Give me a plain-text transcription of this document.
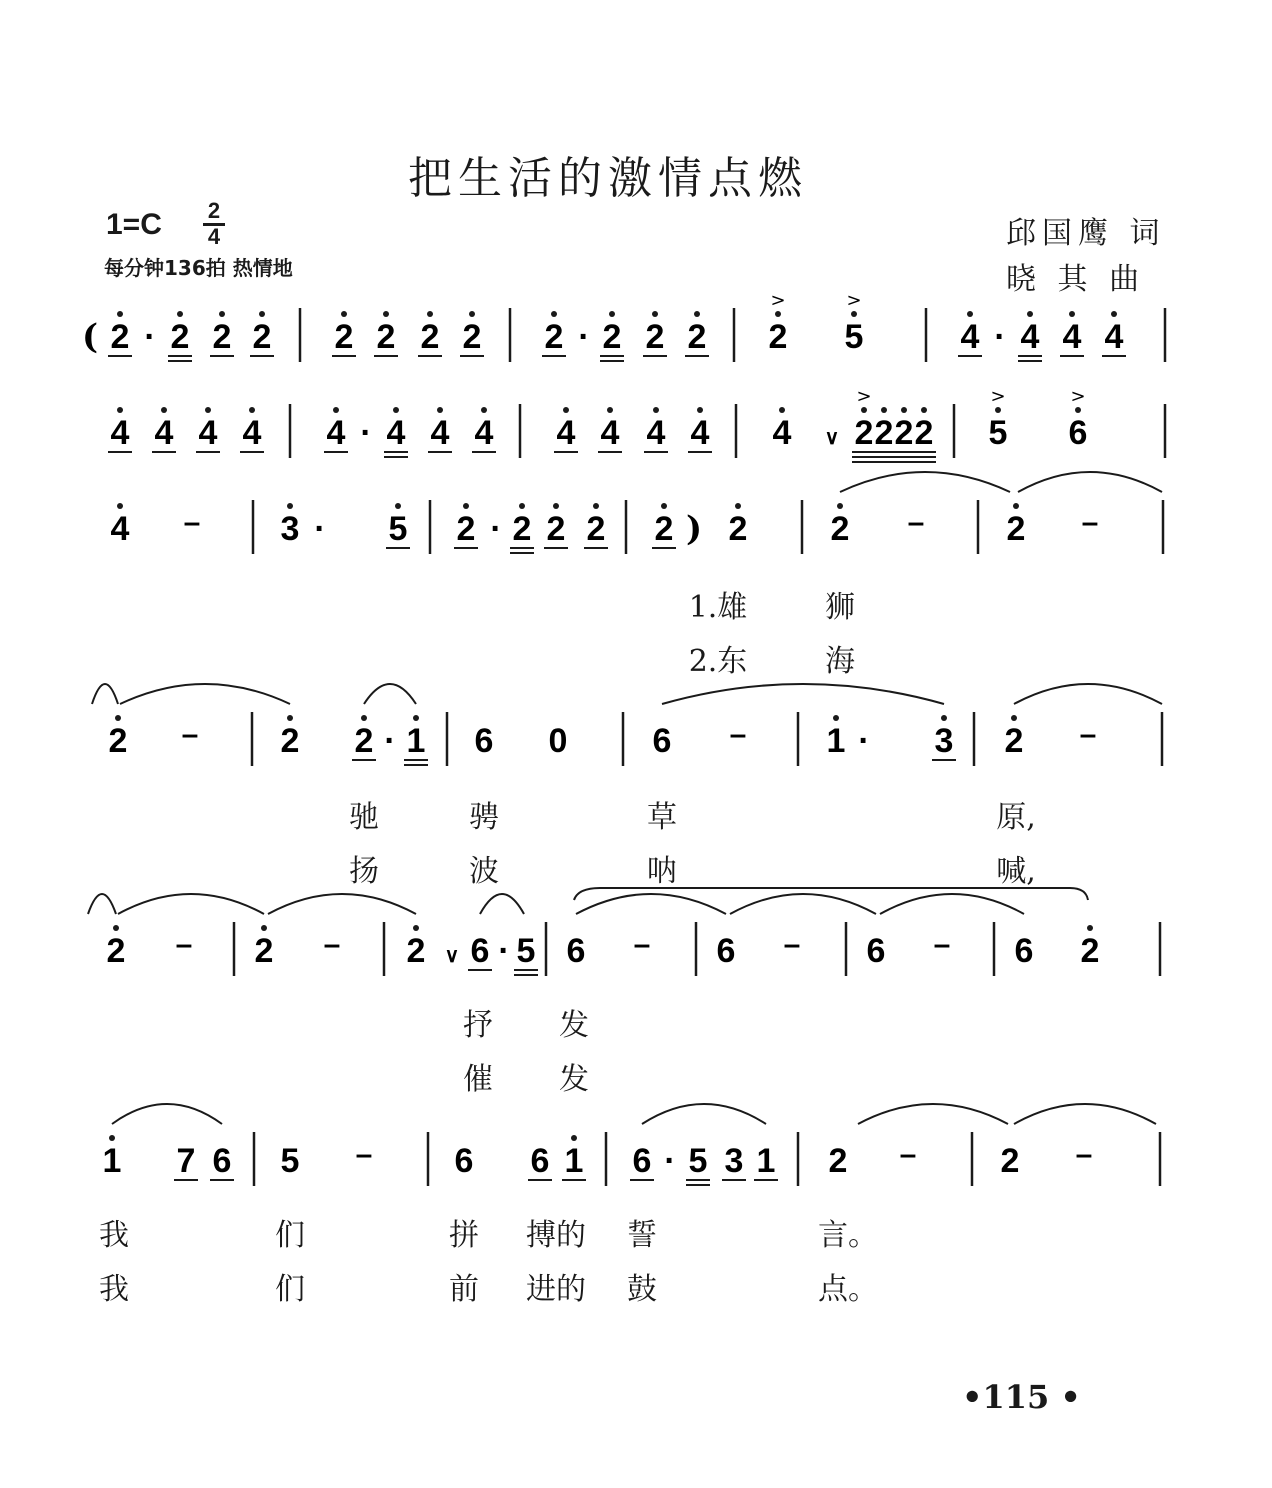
把生活的激情点燃
1=C 2
4
每分钟136拍 热情地
邱国鹰 词
晓 其 曲
( 2 · 2 2 2 2 2 2 2 2 · 2 2 2 2
>
5
>
4 · 4 4 4
4 4 4 4 4 · 4 4 4 4 4 4 4 4 ∨ 2
>
2 2 2 5
>
6
>
4 – 3 · 5 2 · 2 2 2 2 ) 2 2 – 2 –
2 – 2 2 · 1 6 0	6 – 1 · 3 2 –
2 – 2 – 2 ∨ 6 · 5 6 – 6 – 6 – 6 2
1 7 6 5 – 6 6 1 6 · 5 3 1 2 – 2 –
1.雄	狮
2.东	海
驰	骋	草	原,
扬	波	呐	喊,
抒 发
催 发
我	们	拼 搏的 誓	言。
我	们	前 进的 鼓	点。
•115 •
